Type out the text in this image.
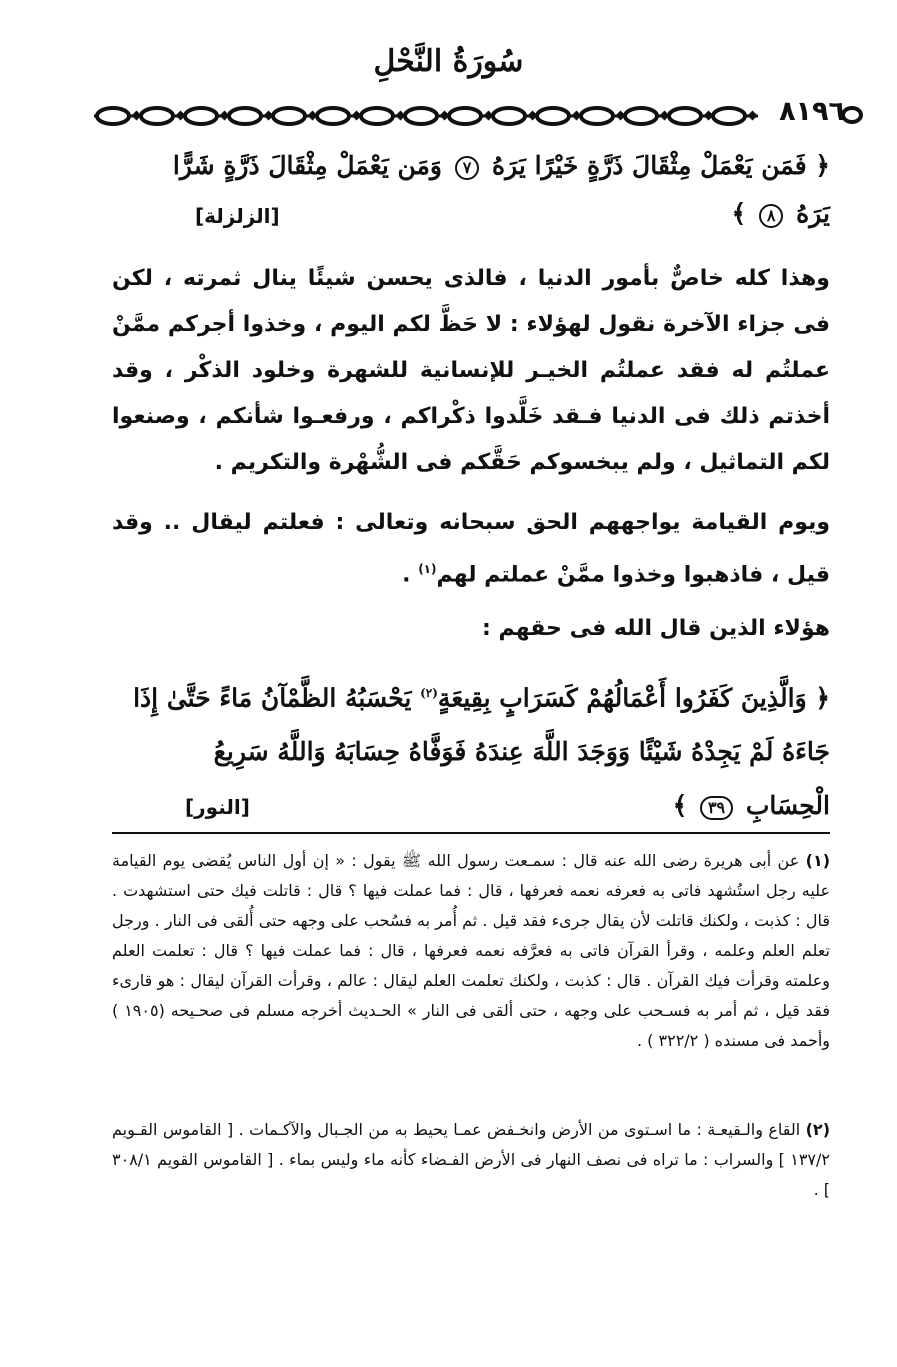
سُورَةُ النَّحْلِ
٨١٩٦
﴿ فَمَن يَعْمَلْ مِثْقَالَ ذَرَّةٍ خَيْرًا يَرَهُ ٧ وَمَن يَعْمَلْ مِثْقَالَ ذَرَّةٍ شَرًّا
يَرَهُ ٨ ﴾
[الزلزلة]
وهذا كله خاصٌّ بأمور الدنيا ، فالذى يحسن شيئًا ينال ثمرته ، لكن فى جزاء الآخرة نقول لهؤلاء : لا حَظَّ لكم اليوم ، وخذوا أجركم ممَّنْ عملتُم له فقد عملتُم الخيـر للإنسانية للشهرة وخلود الذكْر ، وقد أخذتم ذلك فى الدنيا فـقد خَلَّدوا ذكْراكم ، ورفعـوا شأنكم ، وصنعوا لكم التماثيل ، ولم يبخسوكم حَقَّكم فى الشُّهْرة والتكريم .
ويوم القيامة يواجههم الحق سبحانه وتعالى : فعلتم ليقال .. وقد قيل ، فاذهبوا وخذوا ممَّنْ عملتم لهم$^{(١)}$ .
هؤلاء الذين قال الله فى حقهم :
﴿ وَالَّذِينَ كَفَرُوا أَعْمَالُهُمْ كَسَرَابٍ بِقِيعَةٍ$^{(٢)}$ يَحْسَبُهُ الظَّمْآنُ مَاءً حَتَّىٰ إِذَا
جَاءَهُ لَمْ يَجِدْهُ شَيْئًا وَوَجَدَ اللَّهَ عِندَهُ فَوَفَّاهُ حِسَابَهُ وَاللَّهُ سَرِيعُ
الْحِسَابِ ٣٩ ﴾
[النور]
(١) عن أبى هريرة رضى الله عنه قال : سمـعت رسول الله ﷺ يقول : « إن أول الناس يُقضى يوم القيامة عليه رجل استُشهد فاتى به فعرفه نعمه فعرفها ، قال : فما عملت فيها ؟ قال : قاتلت فيك حتى استشهدت . قال : كذبت ، ولكنك قاتلت لأن يقال جرىء فقد قيل . ثم أُمر به فسُحب على وجهه حتى أُلقى فى النار . ورجل تعلم العلم وعلمه ، وقرأ القرآن فاتى به فعرَّفه نعمه فعرفها ، قال : فما عملت فيها ؟ قال : تعلمت العلم وعلمته وقرأت فيك القرآن . قال : كذبت ، ولكنك تعلمت العلم ليقال : عالم ، وقرأت القرآن ليقال : هو قارىء فقد قيل ، ثم أمر به فسـحب على وجهه ، حتى ألقى فى النار » الحـديث أخرجه مسلم فى صحـيحه (١٩٠٥ ) وأحمد فى مسنده ( ٣٢٢/٢ ) .
(٢) القاع والـقيعـة : ما اسـتوى من الأرض وانخـفض عمـا يحيط به من الجـبال والآكـمات . [ القاموس القـويم ١٣٧/٢ ] والسراب : ما تراه فى نصف النهار فى الأرض الفـضاء كأنه ماء وليس بماء . [ القاموس القويم ٣٠٨/١ ] .
